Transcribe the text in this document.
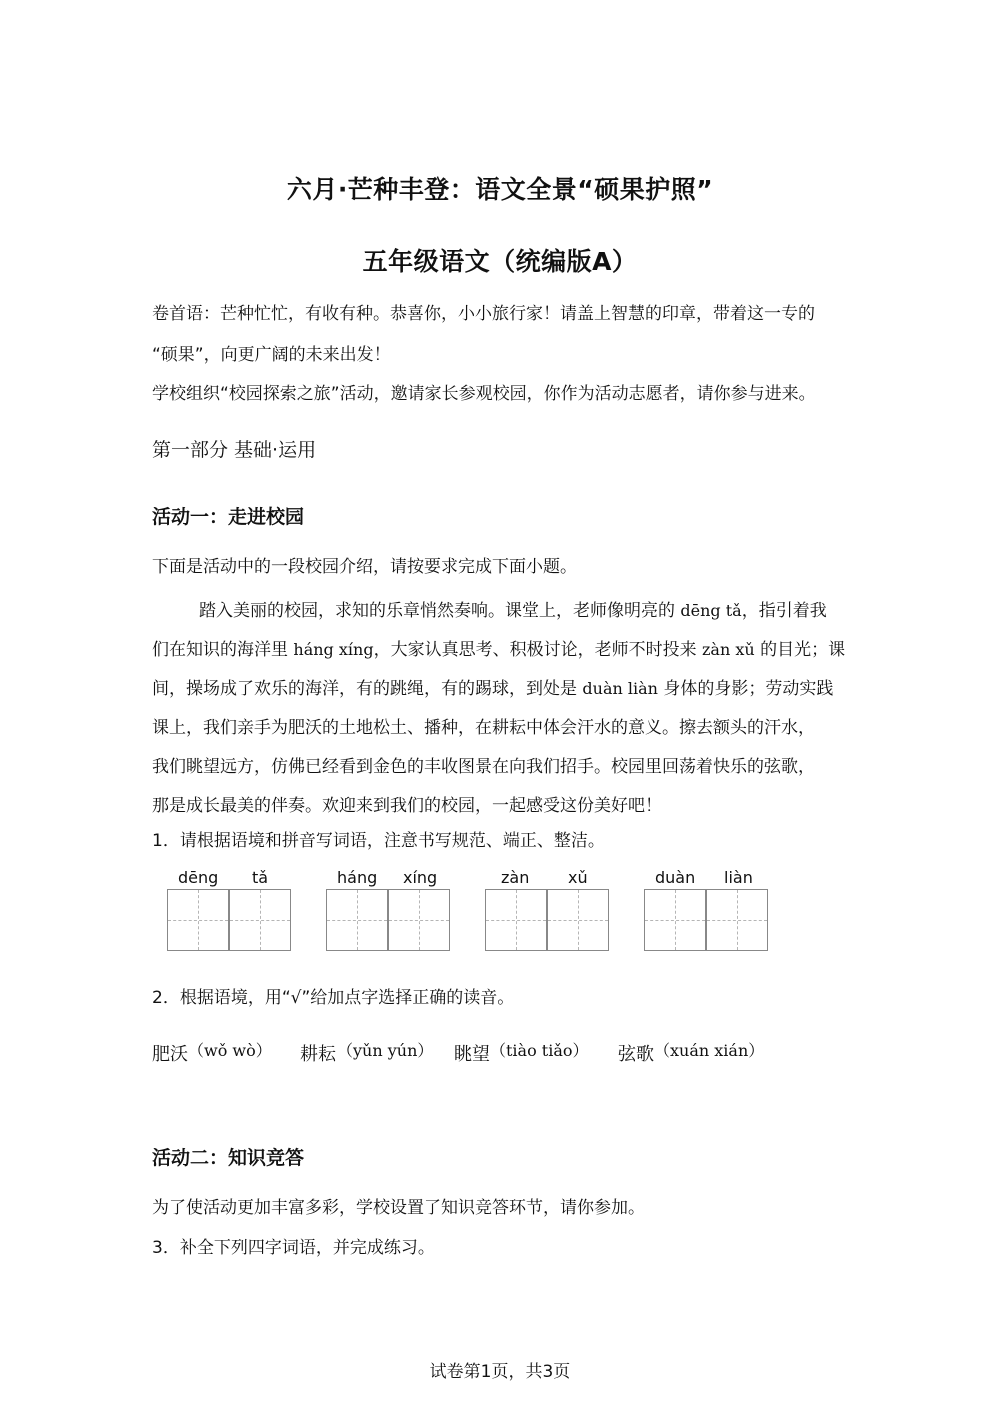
六月·芒种丰登：语文全景“硕果护照”
五年级语文（统编版A）
卷首语：芒种忙忙，有收有种。恭喜你，小小旅行家！请盖上智慧的印章，带着这一专的
“硕果”，向更广阔的未来出发！
学校组织“校园探索之旅”活动，邀请家长参观校园，你作为活动志愿者，请你参与进来。
第一部分 基础·运用
活动一：走进校园
下面是活动中的一段校园介绍，请按要求完成下面小题。
踏入美丽的校园，求知的乐章悄然奏响。课堂上，老师像明亮的 dēng tǎ，指引着我
们在知识的海洋里 háng xíng，大家认真思考、积极讨论，老师不时投来 zàn xǔ 的目光；课
间，操场成了欢乐的海洋，有的跳绳，有的踢球，到处是 duàn liàn 身体的身影；劳动实践
课上，我们亲手为肥沃的土地松土、播种，在耕耘中体会汗水的意义。擦去额头的汗水，
我们眺望远方，仿佛已经看到金色的丰收图景在向我们招手。校园里回荡着快乐的弦歌，
那是成长最美的伴奏。欢迎来到我们的校园，一起感受这份美好吧！
1．请根据语境和拼音写词语，注意书写规范、端正、整洁。
dēng tǎ	háng xíng	zàn xǔ	duàn liàn
2．根据语境，用“√”给加点字选择正确的读音。
肥沃 （wǒ wò） 耕耘 （yǔn yún） 眺望 （tiào tiǎo） 弦歌 （xuán xián）
活动二：知识竞答
为了使活动更加丰富多彩，学校设置了知识竞答环节，请你参加。
3．补全下列四字词语，并完成练习。
试卷第1页，共3页
